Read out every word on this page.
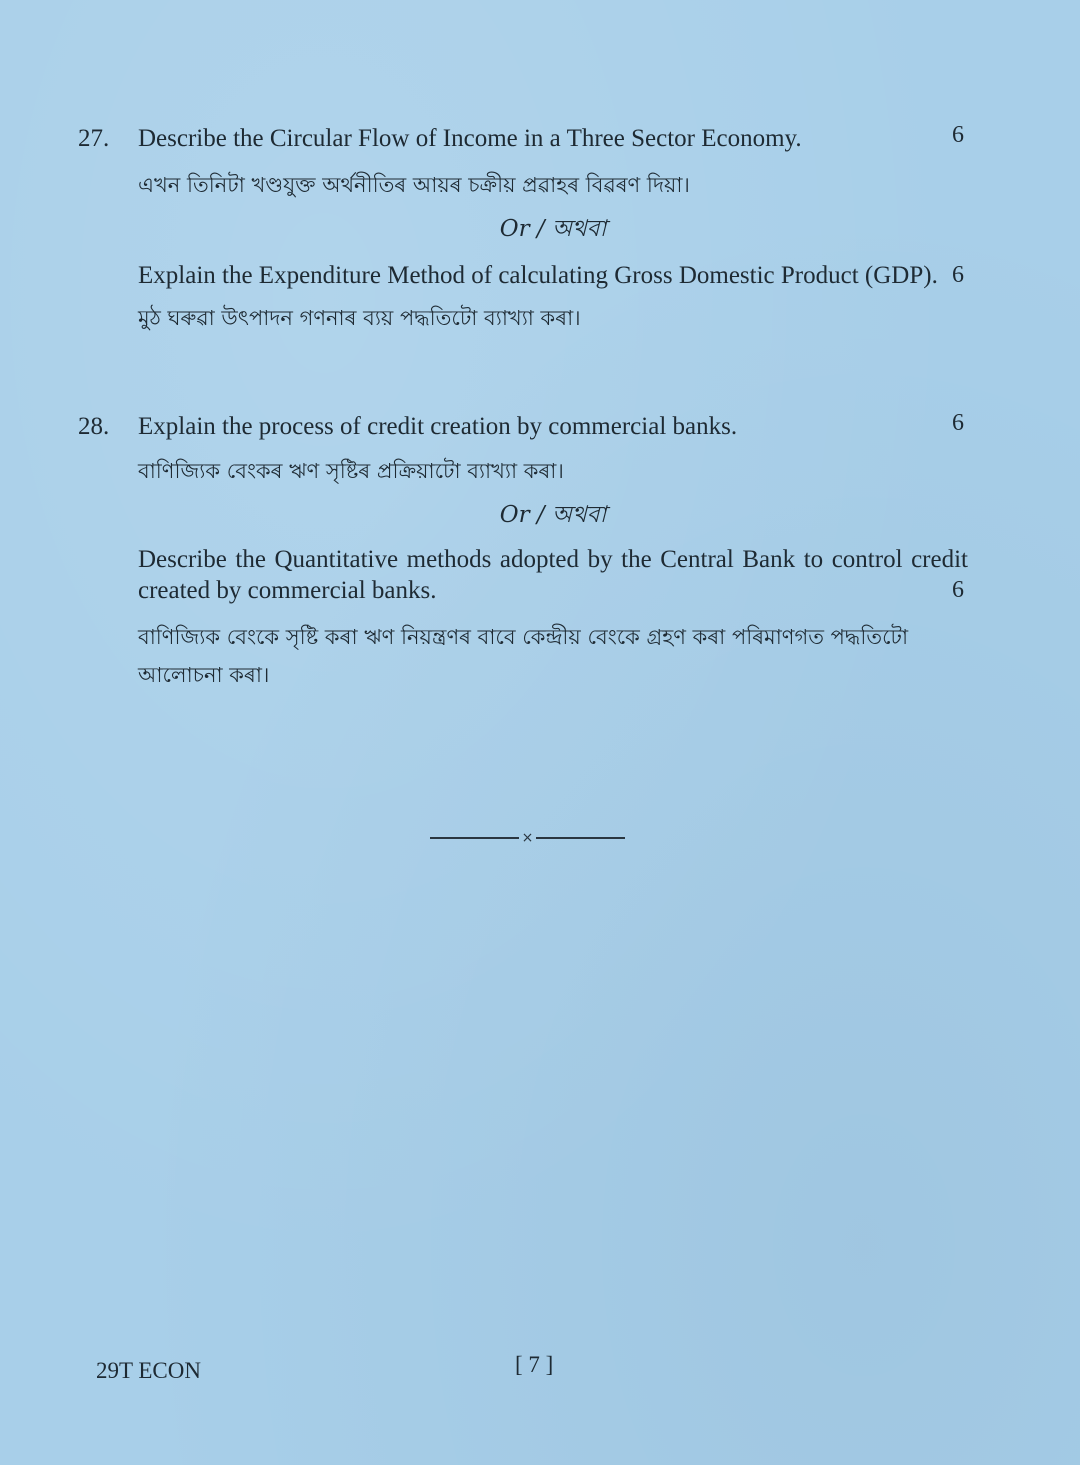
27. Describe the Circular Flow of Income in a Three Sector Economy.	6
এখন তিনিটা খণ্ডযুক্ত অৰ্থনীতিৰ আয়ৰ চক্ৰীয় প্ৰৱাহৰ বিৱৰণ দিয়া।
Or / অথবা
Explain the Expenditure Method of calculating Gross Domestic Product (GDP). 6
মুঠ ঘৰুৱা উৎপাদন গণনাৰ ব্যয় পদ্ধতিটো ব্যাখ্যা কৰা।
28. Explain the process of credit creation by commercial banks.	6
বাণিজ্যিক বেংকৰ ঋণ সৃষ্টিৰ প্ৰক্ৰিয়াটো ব্যাখ্যা কৰা।
Or / অথবা
Describe the Quantitative methods adopted by the Central Bank to control credit created by commercial banks.	6
বাণিজ্যিক বেংকে সৃষ্টি কৰা ঋণ নিয়ন্ত্ৰণৰ বাবে কেন্দ্ৰীয় বেংকে গ্ৰহণ কৰা পৰিমাণগত পদ্ধতিটো আলোচনা কৰা।
×
29T ECON	[ 7 ]
